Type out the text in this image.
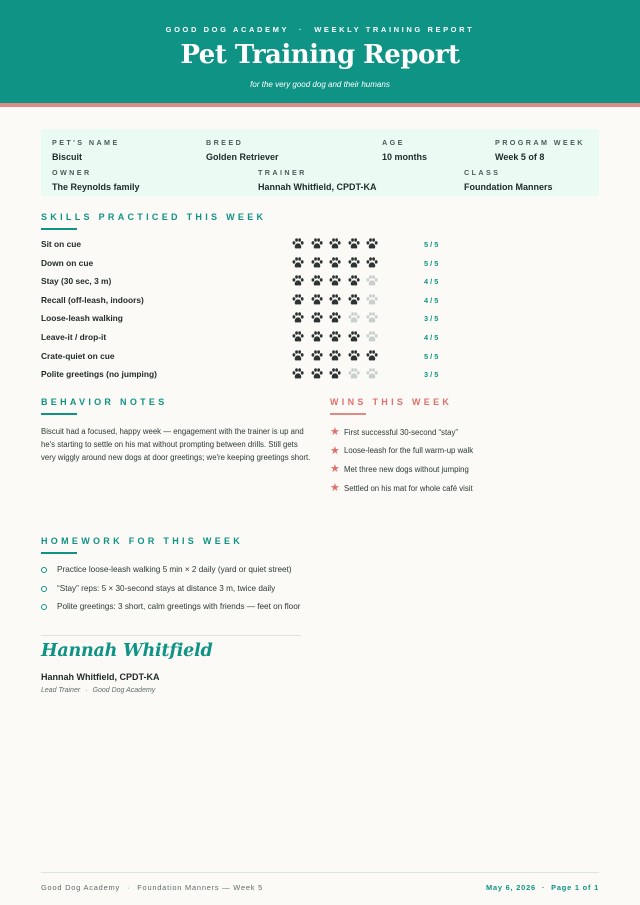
GOOD DOG ACADEMY · WEEKLY TRAINING REPORT
Pet Training Report
for the very good dog and their humans
PET'S NAME
Biscuit
BREED
Golden Retriever
AGE
10 months
PROGRAM WEEK
Week 5 of 8
OWNER
The Reynolds family
TRAINER
Hannah Whitfield, CPDT-KA
CLASS
Foundation Manners
SKILLS PRACTICED THIS WEEK
Sit on cue	5 / 5
Down on cue	5 / 5
Stay (30 sec, 3 m)	4 / 5
Recall (off-leash, indoors)	4 / 5
Loose-leash walking	3 / 5
Leave-it / drop-it	4 / 5
Crate-quiet on cue	5 / 5
Polite greetings (no jumping)	3 / 5
BEHAVIOR NOTES
Biscuit had a focused, happy week — engagement with the trainer is up and he's starting to settle on his mat without prompting between drills. Still gets very wiggly around new dogs at door greetings; we're keeping greetings short.
WINS THIS WEEK
★ First successful 30-second “stay”
★ Loose-leash for the full warm-up walk
★ Met three new dogs without jumping
★ Settled on his mat for whole café visit
HOMEWORK FOR THIS WEEK
Practice loose-leash walking 5 min × 2 daily (yard or quiet street)
“Stay” reps: 5 × 30-second stays at distance 3 m, twice daily
Polite greetings: 3 short, calm greetings with friends — feet on floor
Hannah Whitfield
Hannah Whitfield, CPDT-KA
Lead Trainer · Good Dog Academy
Good Dog Academy · Foundation Manners — Week 5	May 6, 2026 · Page 1 of 1
